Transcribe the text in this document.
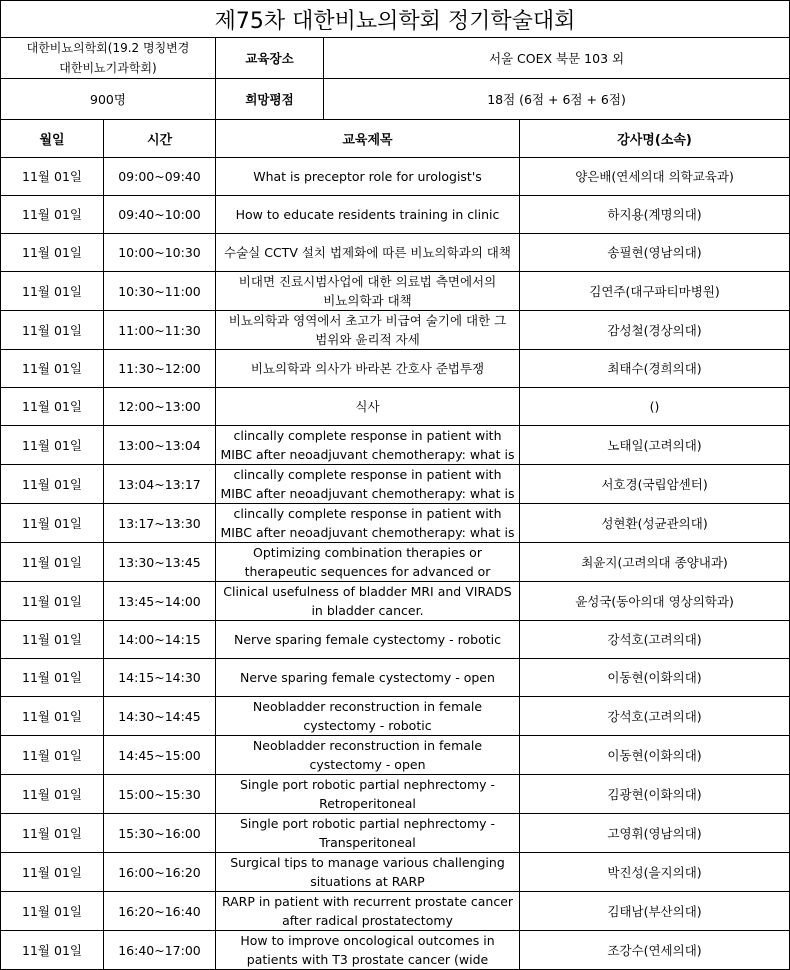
제75차 대한비뇨의학회 정기학술대회				
대한비뇨의학회(19.2 명칭변경 대한비뇨기과학회)		교육장소	서울 COEX 북문 103 외	
900명		희망평점	18점 (6점 + 6점 + 6점)	
월일	시간	교육제목		강사명(소속)
11월 01일	09:00~09:40	What is preceptor role for urologist's		양은배(연세의대 의학교육과)
11월 01일	09:40~10:00	How to educate residents training in clinic		하지용(계명의대)
11월 01일	10:00~10:30	수술실 CCTV 설치 법제화에 따른 비뇨의학과의 대책		송필현(영남의대)
11월 01일	10:30~11:00	비대면 진료시범사업에 대한 의료법 측면에서의 비뇨의학과 대책		김연주(대구파티마병원)
11월 01일	11:00~11:30	비뇨의학과 영역에서 초고가 비급여 술기에 대한 그 범위와 윤리적 자세		감성철(경상의대)
11월 01일	11:30~12:00	비뇨의학과 의사가 바라본 간호사 준법투쟁		최태수(경희의대)
11월 01일	12:00~13:00	식사		()
11월 01일	13:00~13:04	clincally complete response in patient with MIBC after neoadjuvant chemotherapy: what is		노태일(고려의대)
11월 01일	13:04~13:17	clincally complete response in patient with MIBC after neoadjuvant chemotherapy: what is		서호경(국립암센터)
11월 01일	13:17~13:30	clincally complete response in patient with MIBC after neoadjuvant chemotherapy: what is		성현환(성균관의대)
11월 01일	13:30~13:45	Optimizing combination therapies or therapeutic sequences for advanced or		최윤지(고려의대 종양내과)
11월 01일	13:45~14:00	Clinical usefulness of bladder MRI and VIRADS in bladder cancer.		윤성국(동아의대 영상의학과)
11월 01일	14:00~14:15	Nerve sparing female cystectomy - robotic		강석호(고려의대)
11월 01일	14:15~14:30	Nerve sparing female cystectomy - open		이동현(이화의대)
11월 01일	14:30~14:45	Neobladder reconstruction in female cystectomy - robotic		강석호(고려의대)
11월 01일	14:45~15:00	Neobladder reconstruction in female cystectomy - open		이동현(이화의대)
11월 01일	15:00~15:30	Single port robotic partial nephrectomy - Retroperitoneal		김광현(이화의대)
11월 01일	15:30~16:00	Single port robotic partial nephrectomy - Transperitoneal		고영휘(영남의대)
11월 01일	16:00~16:20	Surgical tips to manage various challenging situations at RARP		박진성(을지의대)
11월 01일	16:20~16:40	RARP in patient with recurrent prostate cancer after radical prostatectomy		김태남(부산의대)
11월 01일	16:40~17:00	How to improve oncological outcomes in patients with T3 prostate cancer (wide		조강수(연세의대)
